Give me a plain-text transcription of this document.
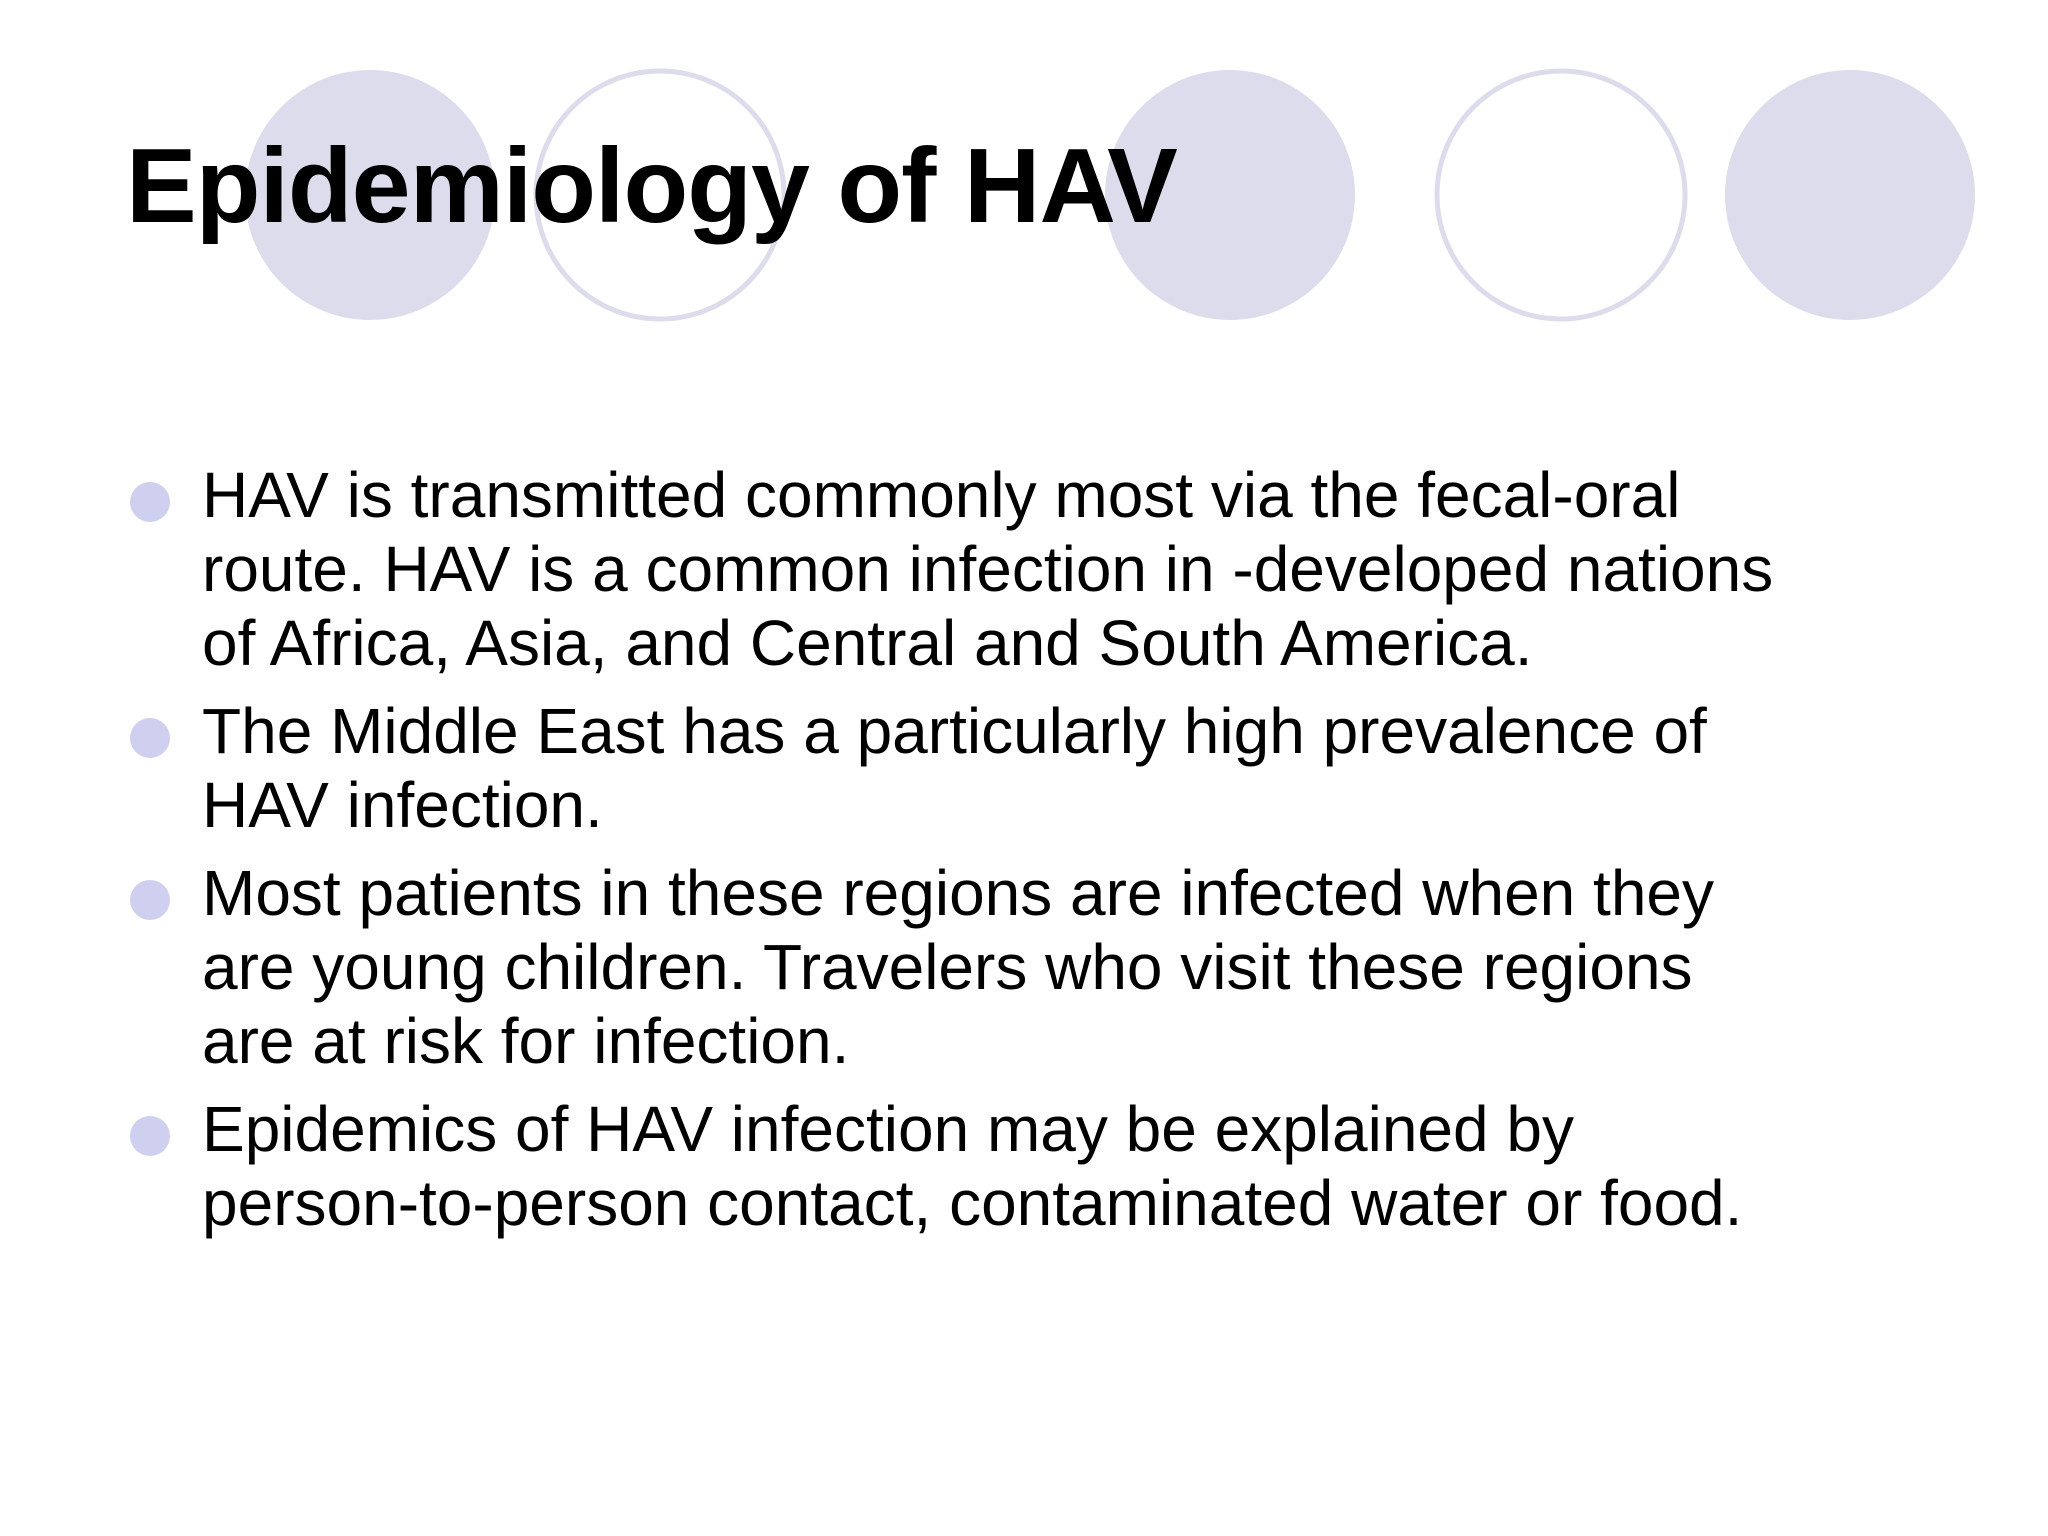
Epidemiology of HAV
HAV is transmitted commonly most via the fecal-oral
route. HAV is a common infection in -developed nations
of Africa, Asia, and Central and South America.
The Middle East has a particularly high prevalence of
HAV infection.
Most patients in these regions are infected when they
are young children. Travelers who visit these regions
are at risk for infection.
Epidemics of HAV infection may be explained by
person-to-person contact, contaminated water or food.
